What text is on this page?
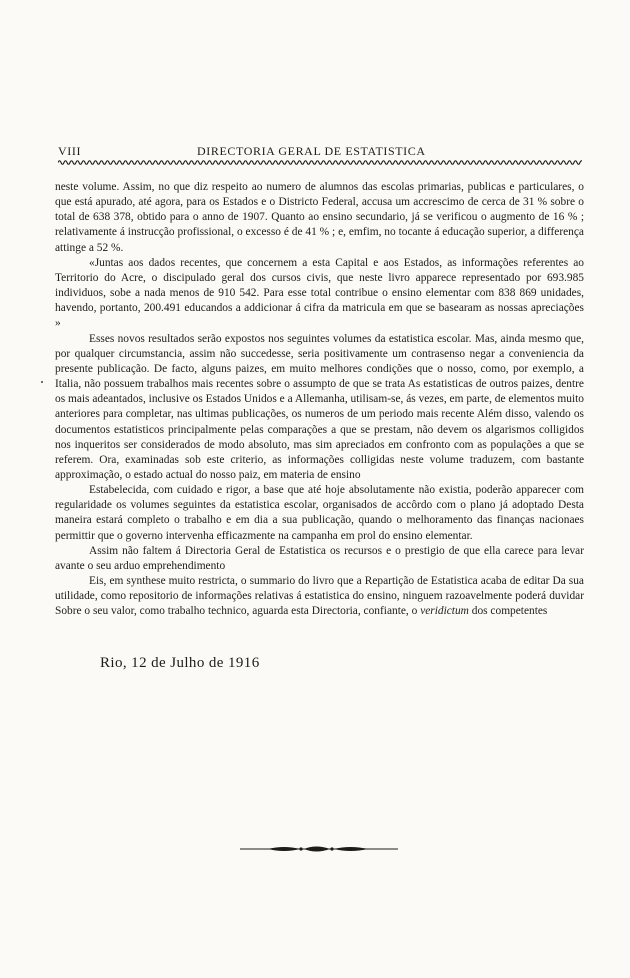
VIII	DIRECTORIA GERAL DE ESTATISTICA

neste volume. Assim, no que diz respeito ao numero de alumnos das escolas primarias, publicas e particulares, o que está apurado, até agora, para os Estados e o Districto Federal, accusa um accrescimo de cerca de 31 % sobre o total de 638 378, obtido para o anno de 1907. Quanto ao ensino secundario, já se verificou o augmento de 16 % ; relativamente á instrucção profissional, o excesso é de 41 % ; e, emfim, no tocante á educação superior, a differença attinge a 52 %.

«Juntas aos dados recentes, que concernem a esta Capital e aos Estados, as informações referentes ao Territorio do Acre, o discipulado geral dos cursos civis, que neste livro apparece representado por 693.985 individuos, sobe a nada menos de 910 542. Para esse total contribue o ensino elementar com 838 869 unidades, havendo, portanto, 200.491 educandos a addicionar á cifra da matricula em que se basearam as nossas apreciações »

Esses novos resultados serão expostos nos seguintes volumes da estatistica escolar. Mas, ainda mesmo que, por qualquer circumstancia, assim não succedesse, seria positivamente um contrasenso negar a conveniencia da presente publicação. De facto, alguns paizes, em muito melhores condições que o nosso, como, por exemplo, a Italia, não possuem trabalhos mais recentes sobre o assumpto de que se trata As estatisticas de outros paizes, dentre os mais adeantados, inclusive os Estados Unidos e a Allemanha, utilisam-se, ás vezes, em parte, de elementos muito anteriores para completar, nas ultimas publicações, os numeros de um periodo mais recente Além disso, valendo os documentos estatisticos principalmente pelas comparações a que se prestam, não devem os algarismos colligidos nos inqueritos ser considerados de modo absoluto, mas sim apreciados em confronto com as populações a que se referem. Ora, examinadas sob este criterio, as informações colligidas neste volume traduzem, com bastante approximação, o estado actual do nosso paiz, em materia de ensino

Estabelecida, com cuidado e rigor, a base que até hoje absolutamente não existia, poderão apparecer com regularidade os volumes seguintes da estatistica escolar, organisados de accôrdo com o plano já adoptado Desta maneira estará completo o trabalho e em dia a sua publicação, quando o melhoramento das finanças nacionaes permittir que o governo intervenha efficazmente na campanha em prol do ensino elementar.

Assim não faltem á Directoria Geral de Estatistica os recursos e o prestigio de que ella carece para levar avante o seu arduo emprehendimento

Eis, em synthese muito restricta, o summario do livro que a Repartição de Estatistica acaba de editar Da sua utilidade, como repositorio de informações relativas á estatistica do ensino, ninguem razoavelmente poderá duvidar Sobre o seu valor, como trabalho technico, aguarda esta Directoria, confiante, o veridictum dos competentes

Rio, 12 de Julho de 1916
